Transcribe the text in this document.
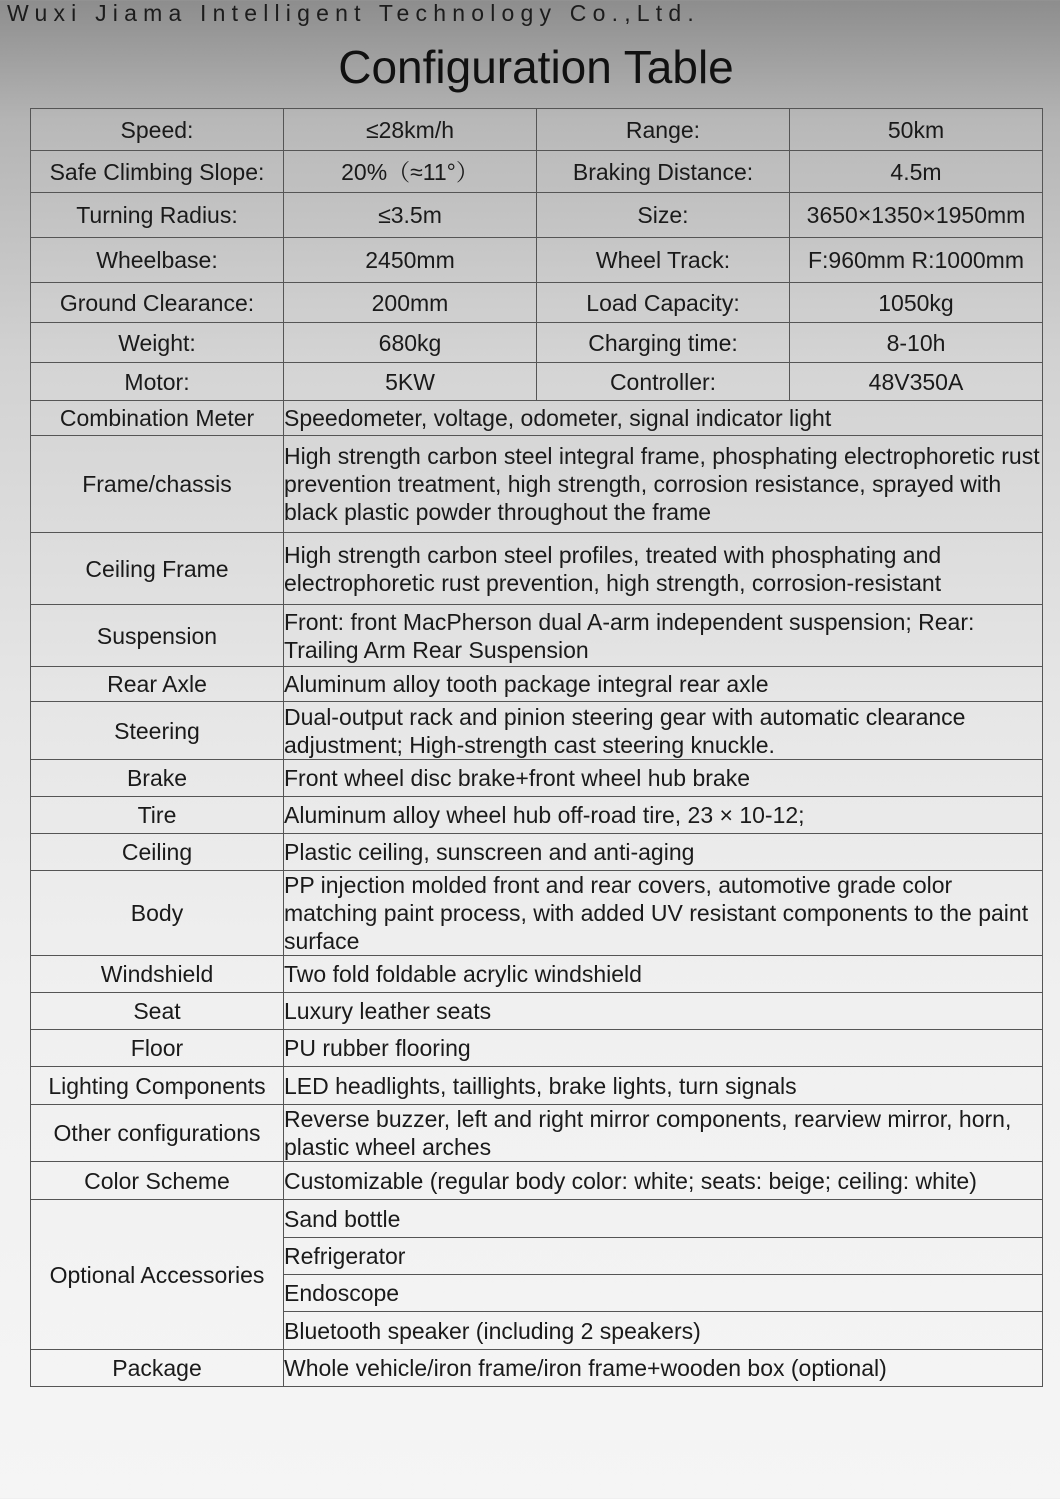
Wuxi Jiama Intelligent Technology Co.,Ltd.
Configuration Table
Speed:	≤28km/h	Range:	50km
Safe Climbing Slope:	20%（≈11°）	Braking Distance:	4.5m
Turning Radius:	≤3.5m	Size:	3650×1350×1950mm
Wheelbase:	2450mm	Wheel Track:	F:960mm R:1000mm
Ground Clearance:	200mm	Load Capacity:	1050kg
Weight:	680kg	Charging time:	8-10h
Motor:	5KW	Controller:	48V350A
Combination Meter	Speedometer, voltage, odometer, signal indicator light		
Frame/chassis	High strength carbon steel integral frame, phosphating electrophoretic rust prevention treatment, high strength, corrosion resistance, sprayed with black plastic powder throughout the frame		
Ceiling Frame	High strength carbon steel profiles, treated with phosphating and electrophoretic rust prevention, high strength, corrosion-resistant		
Suspension	Front: front MacPherson dual A-arm independent suspension; Rear: Trailing Arm Rear Suspension		
Rear Axle	Aluminum alloy tooth package integral rear axle		
Steering	Dual-output rack and pinion steering gear with automatic clearance adjustment; High-strength cast steering knuckle.		
Brake	Front wheel disc brake+front wheel hub brake		
Tire	Aluminum alloy wheel hub off-road tire, 23 × 10-12;		
Ceiling	Plastic ceiling, sunscreen and anti-aging		
Body	PP injection molded front and rear covers, automotive grade color matching paint process, with added UV resistant components to the paint surface		
Windshield	Two fold foldable acrylic windshield		
Seat	Luxury leather seats		
Floor	PU rubber flooring		
Lighting Components	LED headlights, taillights, brake lights, turn signals		
Other configurations	Reverse buzzer, left and right mirror components, rearview mirror, horn, plastic wheel arches		
Color Scheme	Customizable (regular body color: white; seats: beige; ceiling: white)		
Optional Accessories	Sand bottle		
	Refrigerator		
	Endoscope		
	Bluetooth speaker (including 2 speakers)		
Package	Whole vehicle/iron frame/iron frame+wooden box (optional)		
